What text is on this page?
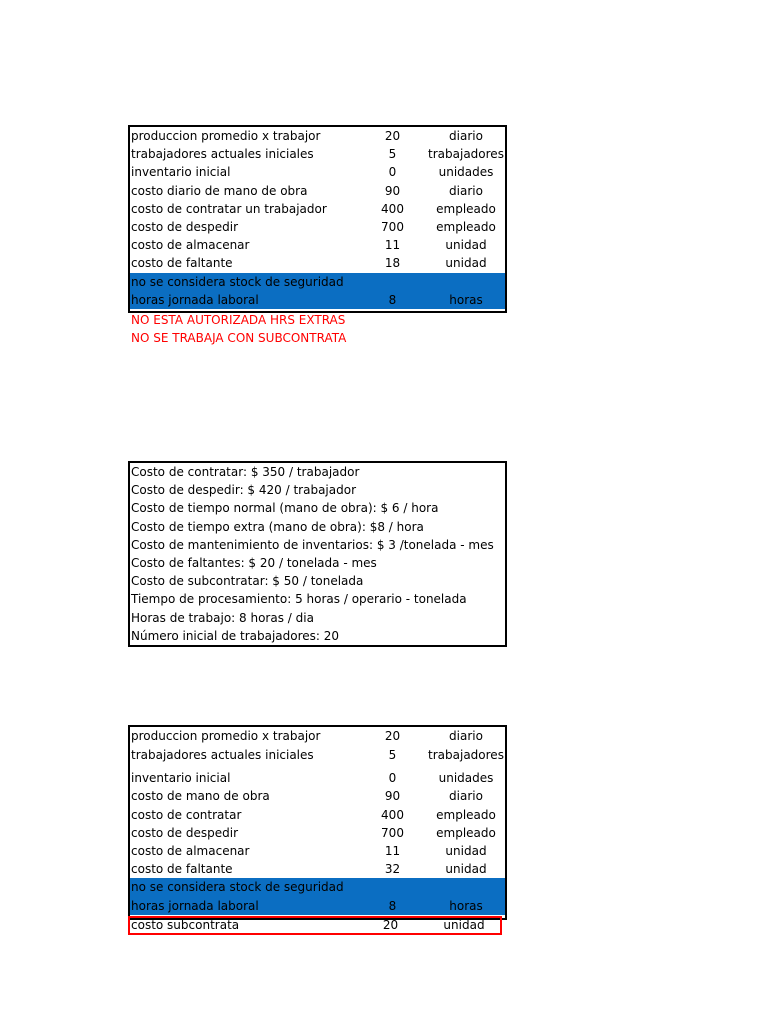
produccion promedio x trabajor	20	diario
trabajadores actuales iniciales	5	trabajadores
inventario inicial	0	unidades
costo diario de mano de obra	90	diario
costo de contratar un trabajador	400	empleado
costo de despedir	700	empleado
costo de almacenar	11	unidad
costo de faltante	18	unidad
no se considera stock de seguridad
horas jornada laboral	8	horas
NO ESTA AUTORIZADA HRS EXTRAS
NO SE TRABAJA CON SUBCONTRATA
Costo de contratar: $ 350 / trabajador
Costo de despedir: $ 420 / trabajador
Costo de tiempo normal (mano de obra): $ 6 / hora
Costo de tiempo extra (mano de obra): $8 / hora
Costo de mantenimiento de inventarios: $ 3 /tonelada - mes
Costo de faltantes: $ 20 / tonelada - mes
Costo de subcontratar: $ 50 / tonelada
Tiempo de procesamiento: 5 horas / operario - tonelada
Horas de trabajo: 8 horas / dia
Número inicial de trabajadores: 20
produccion promedio x trabajor	20	diario
trabajadores actuales iniciales	5	trabajadores
inventario inicial	0	unidades
costo de mano de obra	90	diario
costo de contratar	400	empleado
costo de despedir	700	empleado
costo de almacenar	11	unidad
costo de faltante	32	unidad
no se considera stock de seguridad
horas jornada laboral	8	horas
costo subcontrata	20	unidad
